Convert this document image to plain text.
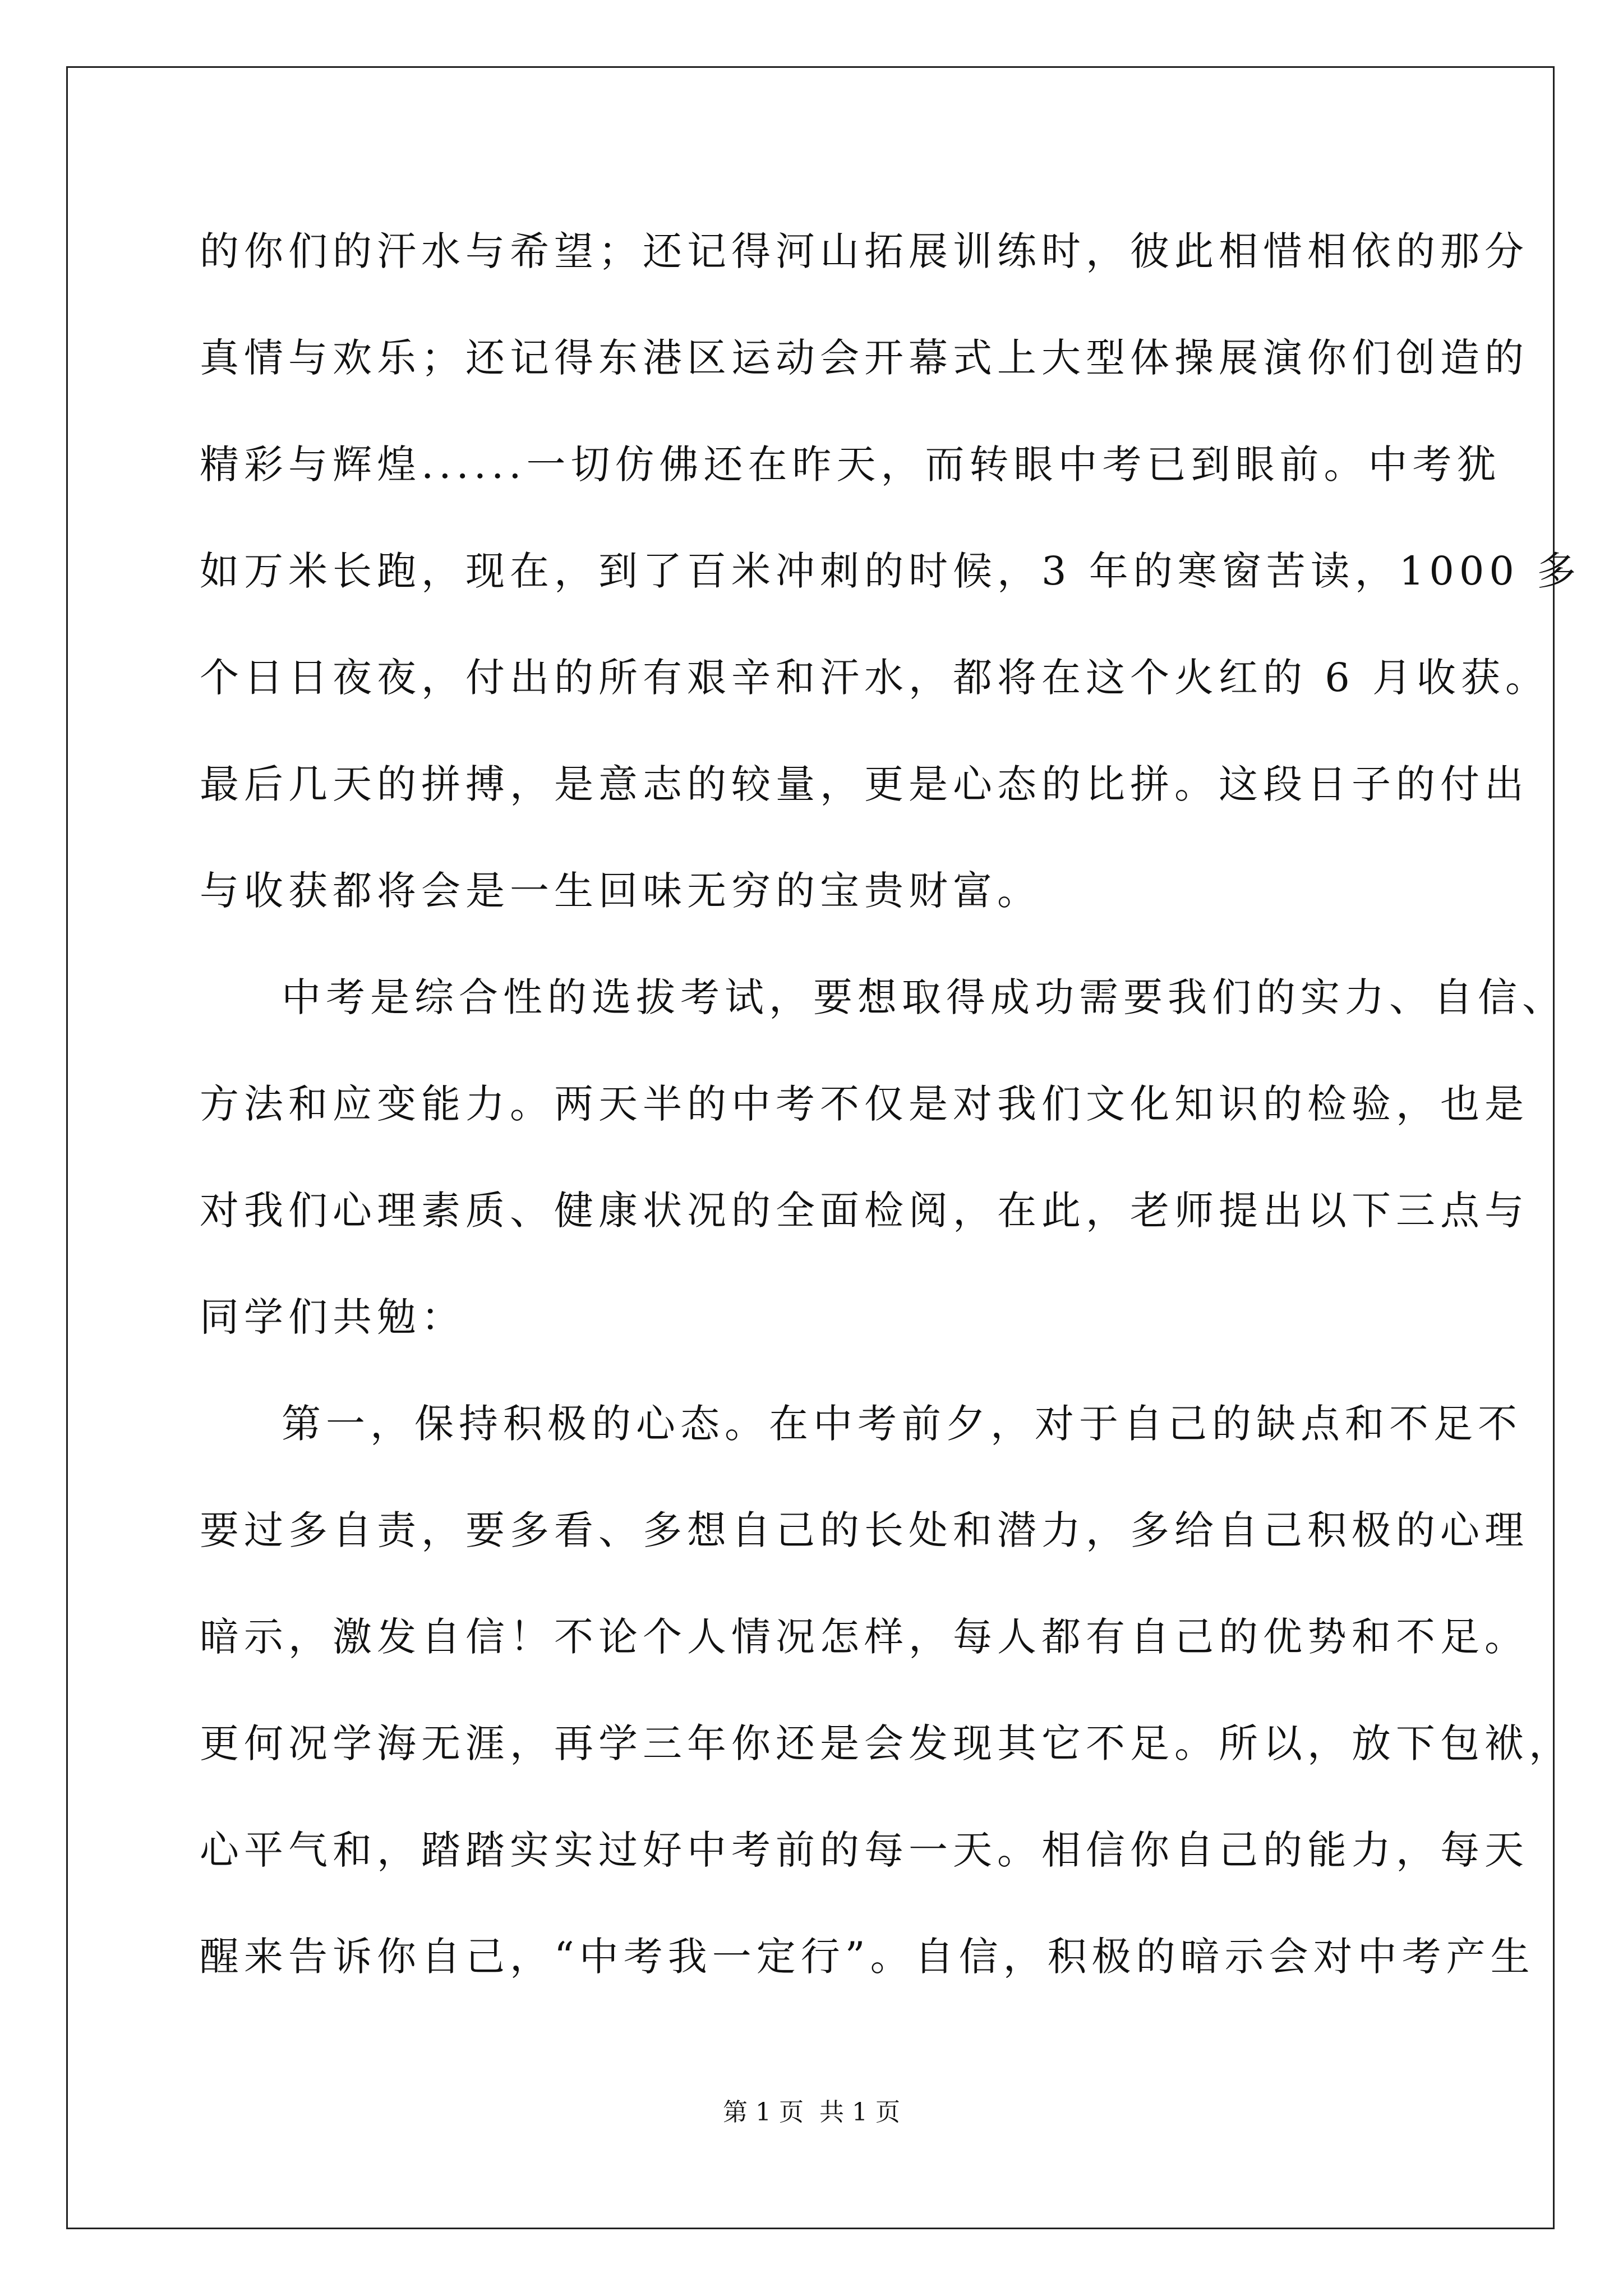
的你们的汗水与希望；还记得河山拓展训练时，彼此相惜相依的那分
真情与欢乐；还记得东港区运动会开幕式上大型体操展演你们创造的
精彩与辉煌......一切仿佛还在昨天，而转眼中考已到眼前。中考犹
如万米长跑，现在，到了百米冲刺的时候，3 年的寒窗苦读，1000 多
个日日夜夜，付出的所有艰辛和汗水，都将在这个火红的 6 月收获。
最后几天的拼搏，是意志的较量，更是心态的比拼。这段日子的付出
与收获都将会是一生回味无穷的宝贵财富。
中考是综合性的选拔考试，要想取得成功需要我们的实力、自信、
方法和应变能力。两天半的中考不仅是对我们文化知识的检验，也是
对我们心理素质、健康状况的全面检阅，在此，老师提出以下三点与
同学们共勉：
第一，保持积极的心态。在中考前夕，对于自己的缺点和不足不
要过多自责，要多看、多想自己的长处和潜力，多给自己积极的心理
暗示，激发自信！不论个人情况怎样，每人都有自己的优势和不足。
更何况学海无涯，再学三年你还是会发现其它不足。所以，放下包袱，
心平气和，踏踏实实过好中考前的每一天。相信你自己的能力，每天
醒来告诉你自己，“中考我一定行”。自信，积极的暗示会对中考产生
第 1 页 共 1 页
